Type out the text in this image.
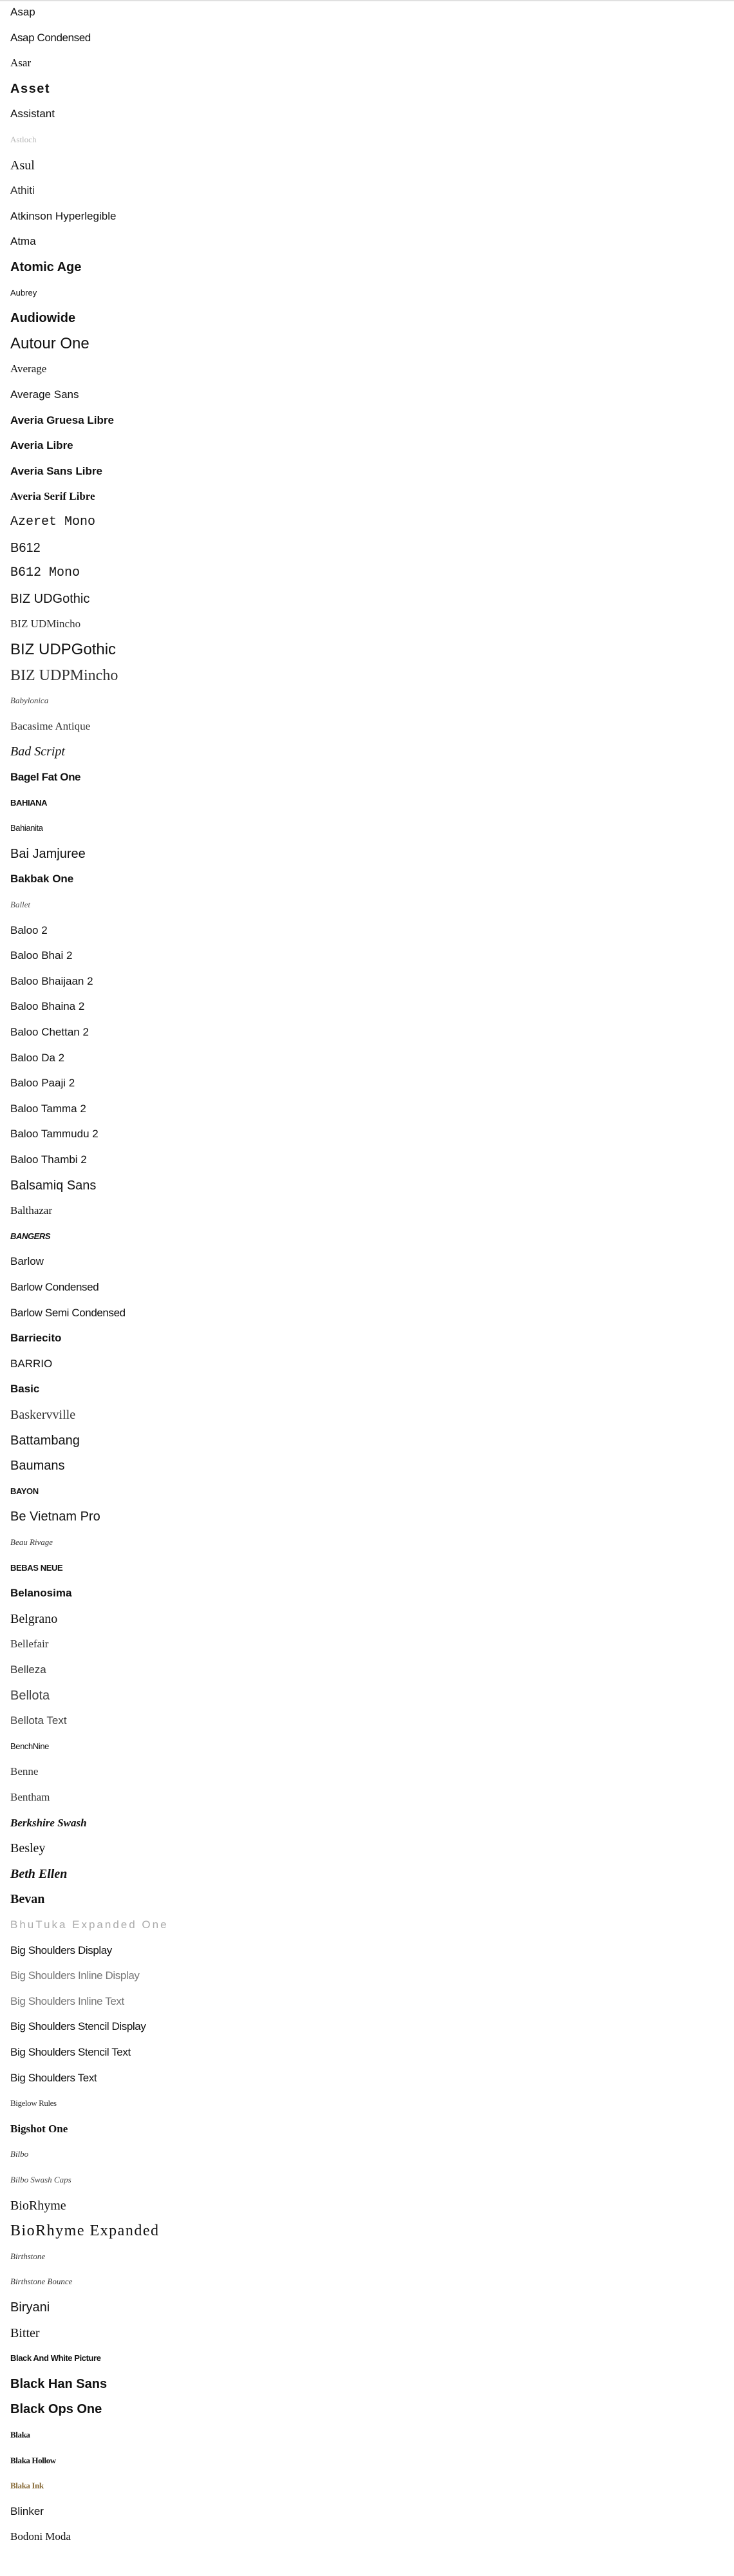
Asap
Asap Condensed
Asar
Asset
Assistant
Astloch
Asul
Athiti
Atkinson Hyperlegible
Atma
Atomic Age
Aubrey
Audiowide
Autour One
Average
Average Sans
Averia Gruesa Libre
Averia Libre
Averia Sans Libre
Averia Serif Libre
Azeret Mono
B612
B612 Mono
BIZ UDGothic
BIZ UDMincho
BIZ UDPGothic
BIZ UDPMincho
Babylonica
Bacasime Antique
Bad Script
Bagel Fat One
BAHIANA
Bahianita
Bai Jamjuree
Bakbak One
Ballet
Baloo 2
Baloo Bhai 2
Baloo Bhaijaan 2
Baloo Bhaina 2
Baloo Chettan 2
Baloo Da 2
Baloo Paaji 2
Baloo Tamma 2
Baloo Tammudu 2
Baloo Thambi 2
Balsamiq Sans
Balthazar
BANGERS
Barlow
Barlow Condensed
Barlow Semi Condensed
Barriecito
BARRIO
Basic
Baskervville
Battambang
Baumans
BAYON
Be Vietnam Pro
Beau Rivage
BEBAS NEUE
Belanosima
Belgrano
Bellefair
Belleza
Bellota
Bellota Text
BenchNine
Benne
Bentham
Berkshire Swash
Besley
Beth Ellen
Bevan
BhuTuka Expanded One
Big Shoulders Display
Big Shoulders Inline Display
Big Shoulders Inline Text
Big Shoulders Stencil Display
Big Shoulders Stencil Text
Big Shoulders Text
Bigelow Rules
Bigshot One
Bilbo
Bilbo Swash Caps
BioRhyme
BioRhyme Expanded
Birthstone
Birthstone Bounce
Biryani
Bitter
Black And White Picture
Black Han Sans
Black Ops One
Blaka
Blaka Hollow
Blaka Ink
Blinker
Bodoni Moda
